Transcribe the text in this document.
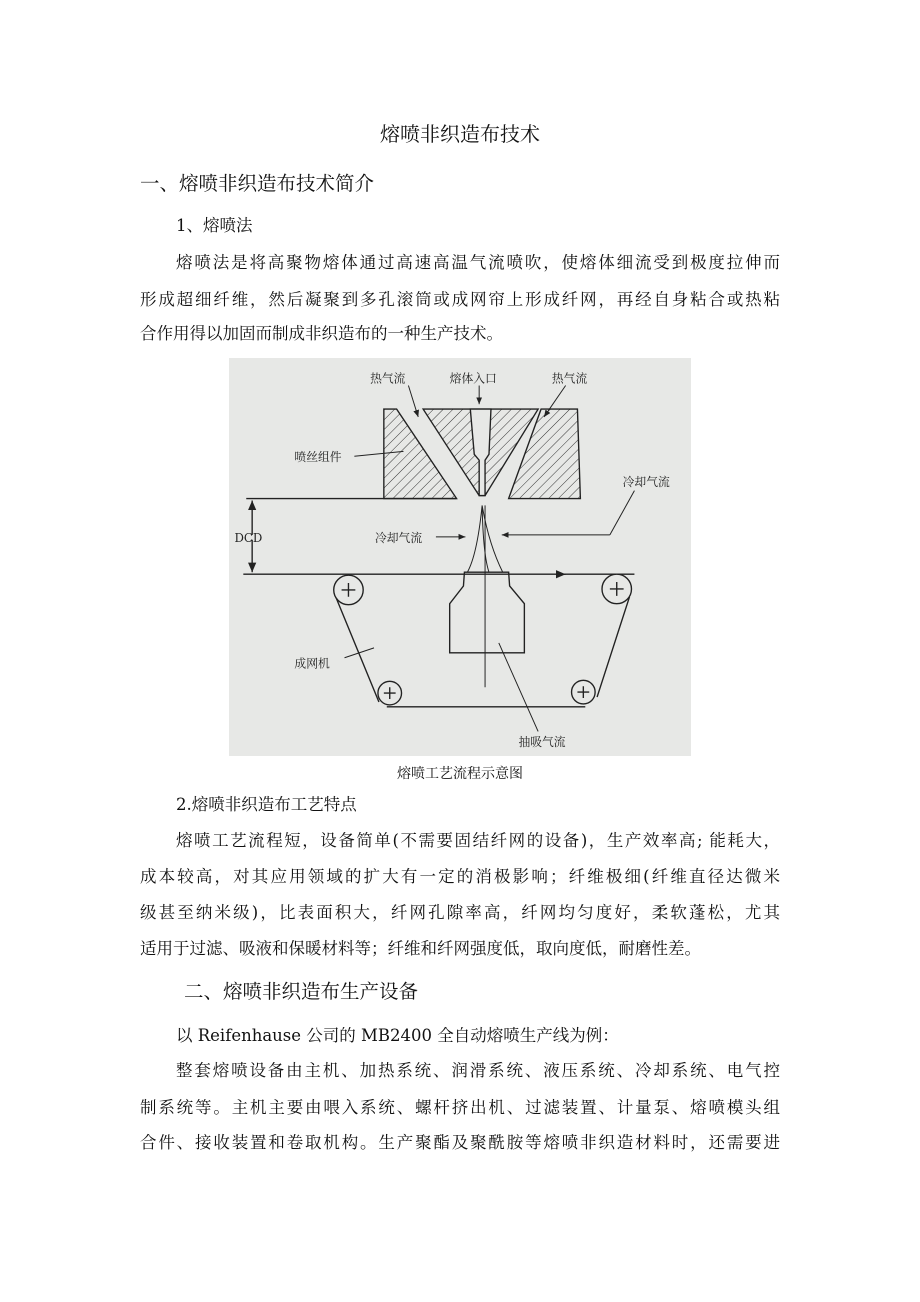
熔喷非织造布技术
一、熔喷非织造布技术简介
1、熔喷法
熔喷法是将高聚物熔体通过高速高温气流喷吹，使熔体细流受到极度拉伸而
形成超细纤维，然后凝聚到多孔滚筒或成网帘上形成纤网，再经自身粘合或热粘
合作用得以加固而制成非织造布的一种生产技术。
热气流	熔体入口	热气流
喷丝组件
冷却气流
DCD	冷却气流
成网机
抽吸气流
熔喷工艺流程示意图
2.熔喷非织造布工艺特点
熔喷工艺流程短，设备简单(不需要固结纤网的设备)，生产效率高; 能耗大，
成本较高，对其应用领域的扩大有一定的消极影响；纤维极细(纤维直径达微米
级甚至纳米级)，比表面积大，纤网孔隙率高，纤网均匀度好，柔软蓬松，尤其
适用于过滤、吸液和保暖材料等；纤维和纤网强度低，取向度低，耐磨性差。
二、熔喷非织造布生产设备
以 Reifenhause 公司的 MB2400 全自动熔喷生产线为例：
整套熔喷设备由主机、加热系统、润滑系统、液压系统、冷却系统、电气控
制系统等。主机主要由喂入系统、螺杆挤出机、过滤装置、计量泵、熔喷模头组
合件、接收装置和卷取机构。生产聚酯及聚酰胺等熔喷非织造材料时，还需要进
